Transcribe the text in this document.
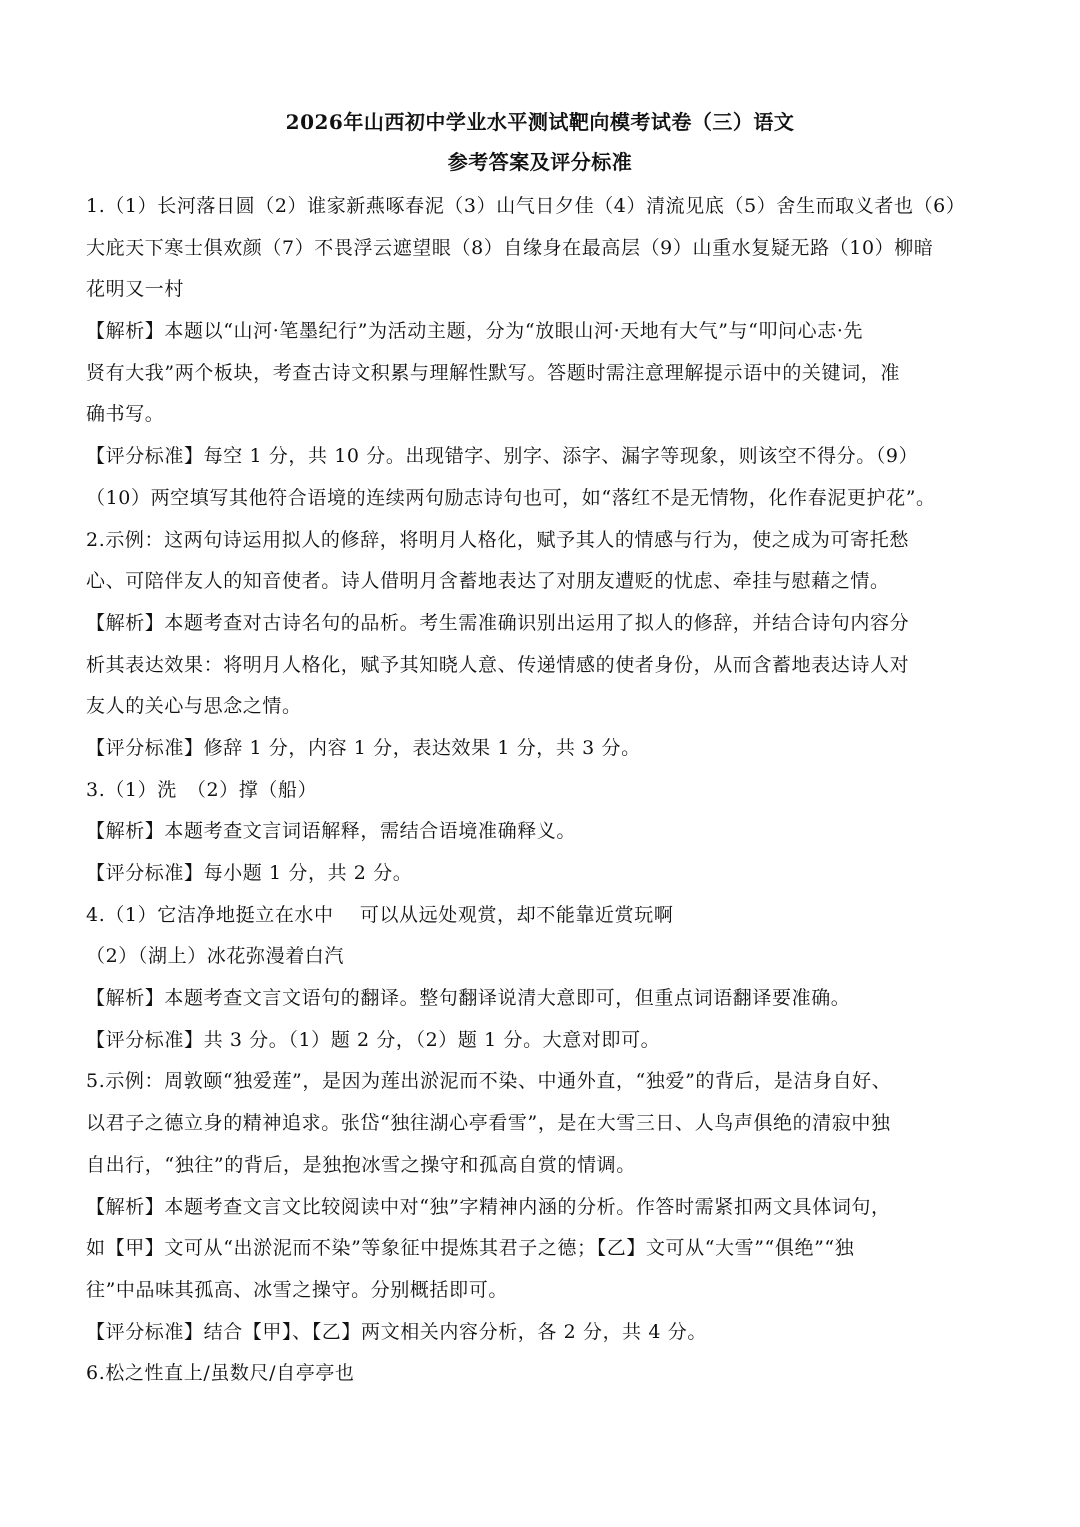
2026年山西初中学业水平测试靶向模考试卷（三）语文
参考答案及评分标准
1.（1）长河落日圆（2）谁家新燕啄春泥（3）山气日夕佳（4）清流见底（5）舍生而取义者也（6）
大庇天下寒士俱欢颜（7）不畏浮云遮望眼（8）自缘身在最高层（9）山重水复疑无路（10）柳暗
花明又一村
【解析】本题以“山河·笔墨纪行”为活动主题，分为“放眼山河·天地有大气”与“叩问心志·先
贤有大我”两个板块，考查古诗文积累与理解性默写。答题时需注意理解提示语中的关键词，准
确书写。
【评分标准】每空 1 分，共 10 分。出现错字、别字、添字、漏字等现象，则该空不得分。（9）
（10）两空填写其他符合语境的连续两句励志诗句也可，如“落红不是无情物，化作春泥更护花”。
2.示例：这两句诗运用拟人的修辞，将明月人格化，赋予其人的情感与行为，使之成为可寄托愁
心、可陪伴友人的知音使者。诗人借明月含蓄地表达了对朋友遭贬的忧虑、牵挂与慰藉之情。
【解析】本题考查对古诗名句的品析。考生需准确识别出运用了拟人的修辞，并结合诗句内容分
析其表达效果：将明月人格化，赋予其知晓人意、传递情感的使者身份，从而含蓄地表达诗人对
友人的关心与思念之情。
【评分标准】修辞 1 分，内容 1 分，表达效果 1 分，共 3 分。
3.（1）洗　（2）撑（船）
【解析】本题考查文言词语解释，需结合语境准确释义。
【评分标准】每小题 1 分，共 2 分。
4.（1）它洁净地挺立在水中　 可以从远处观赏，却不能靠近赏玩啊
（2）（湖上）冰花弥漫着白汽
【解析】本题考查文言文语句的翻译。整句翻译说清大意即可，但重点词语翻译要准确。
【评分标准】共 3 分。（1）题 2 分，（2）题 1 分。大意对即可。
5.示例：周敦颐“独爱莲”，是因为莲出淤泥而不染、中通外直，“独爱”的背后，是洁身自好、
以君子之德立身的精神追求。张岱“独往湖心亭看雪”，是在大雪三日、人鸟声俱绝的清寂中独
自出行，“独往”的背后，是独抱冰雪之操守和孤高自赏的情调。
【解析】本题考查文言文比较阅读中对“独”字精神内涵的分析。作答时需紧扣两文具体词句，
如【甲】文可从“出淤泥而不染”等象征中提炼其君子之德；【乙】文可从“大雪”“俱绝”“独
往”中品味其孤高、冰雪之操守。分别概括即可。
【评分标准】结合【甲】、【乙】两文相关内容分析，各 2 分，共 4 分。
6.松之性直上/虽数尺/自亭亭也
